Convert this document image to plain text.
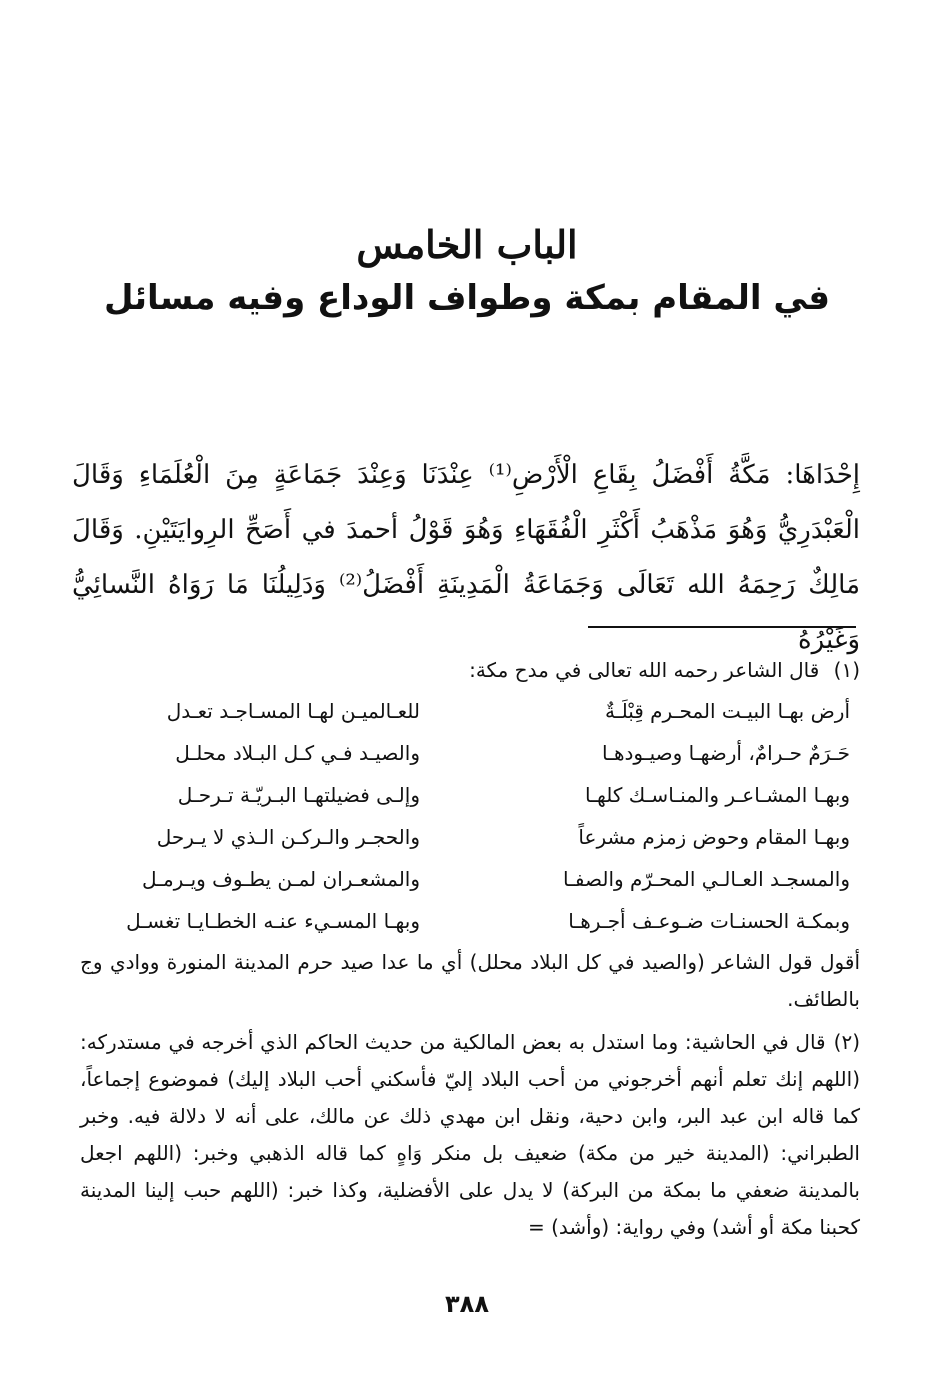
الباب الخامس
في المقام بمكة وطواف الوداع وفيه مسائل

إِحْدَاهَا: مَكَّةُ أَفْضَلُ بِقَاعِ الْأَرْضِ⁽¹⁾ عِنْدَنَا وَعِنْدَ جَمَاعَةٍ مِنَ الْعُلَمَاءِ وَقَالَ الْعَبْدَرِيُّ وَهُوَ مَذْهَبُ أَكْثَرِ الْفُقَهَاءِ وَهُوَ قَوْلُ أحمدَ في أَصَحِّ الرِوايَتَيْنِ. وَقَالَ مَالِكٌ رَحِمَهُ الله تَعَالَى وَجَمَاعَةُ الْمَدِينَةِ أَفْضَلُ⁽²⁾ وَدَلِيلُنَا مَا رَوَاهُ النَّسائِيُّ وَغَيْرُهُ

(١) قال الشاعر رحمه الله تعالى في مدح مكة:
أرض بهـا البيـت المحـرم قِبْلَـةٌ
للعـالميـن لهـا المسـاجـد تعـدل
حَـرَمٌ حـرامٌ، أرضهـا وصيـودهـا
والصيـد فـي كـل البـلاد محلـل
وبهـا المشـاعـر والمنـاسـك كلهـا
وإلـى فضيلتهـا البـريّـة تـرحـل
وبهـا المقام وحوض زمزم مشرعاً
والحجـر والـركـن الـذي لا يـرحل
والمسجـد العـالـي المحـرّم والصفـا
والمشعـران لمـن يطـوف ويـرمـل
وبمكـة الحسنـات ضـوعـف أجـرهـا
وبهـا المسـيء عنـه الخطـايـا تغسـل

أقول قول الشاعر (والصيد في كل البلاد محلل) أي ما عدا صيد حرم المدينة المنورة ووادي وج بالطائف.

(٢)قال في الحاشية: وما استدل به بعض المالكية من حديث الحاكم الذي أخرجه في مستدركه: (اللهم إنك تعلم أنهم أخرجوني من أحب البلاد إليّ فأسكني أحب البلاد إليك) فموضوع إجماعاً، كما قاله ابن عبد البر، وابن دحية، ونقل ابن مهدي ذلك عن مالك، على أنه لا دلالة فيه. وخبر الطبراني: (المدينة خير من مكة) ضعيف بل منكر وَاهٍ كما قاله الذهبي وخبر: (اللهم اجعل بالمدينة ضعفي ما بمكة من البركة) لا يدل على الأفضلية، وكذا خبر: (اللهم حبب إلينا المدينة كحبنا مكة أو أشد) وفي رواية: (وأشد) =

٣٨٨
